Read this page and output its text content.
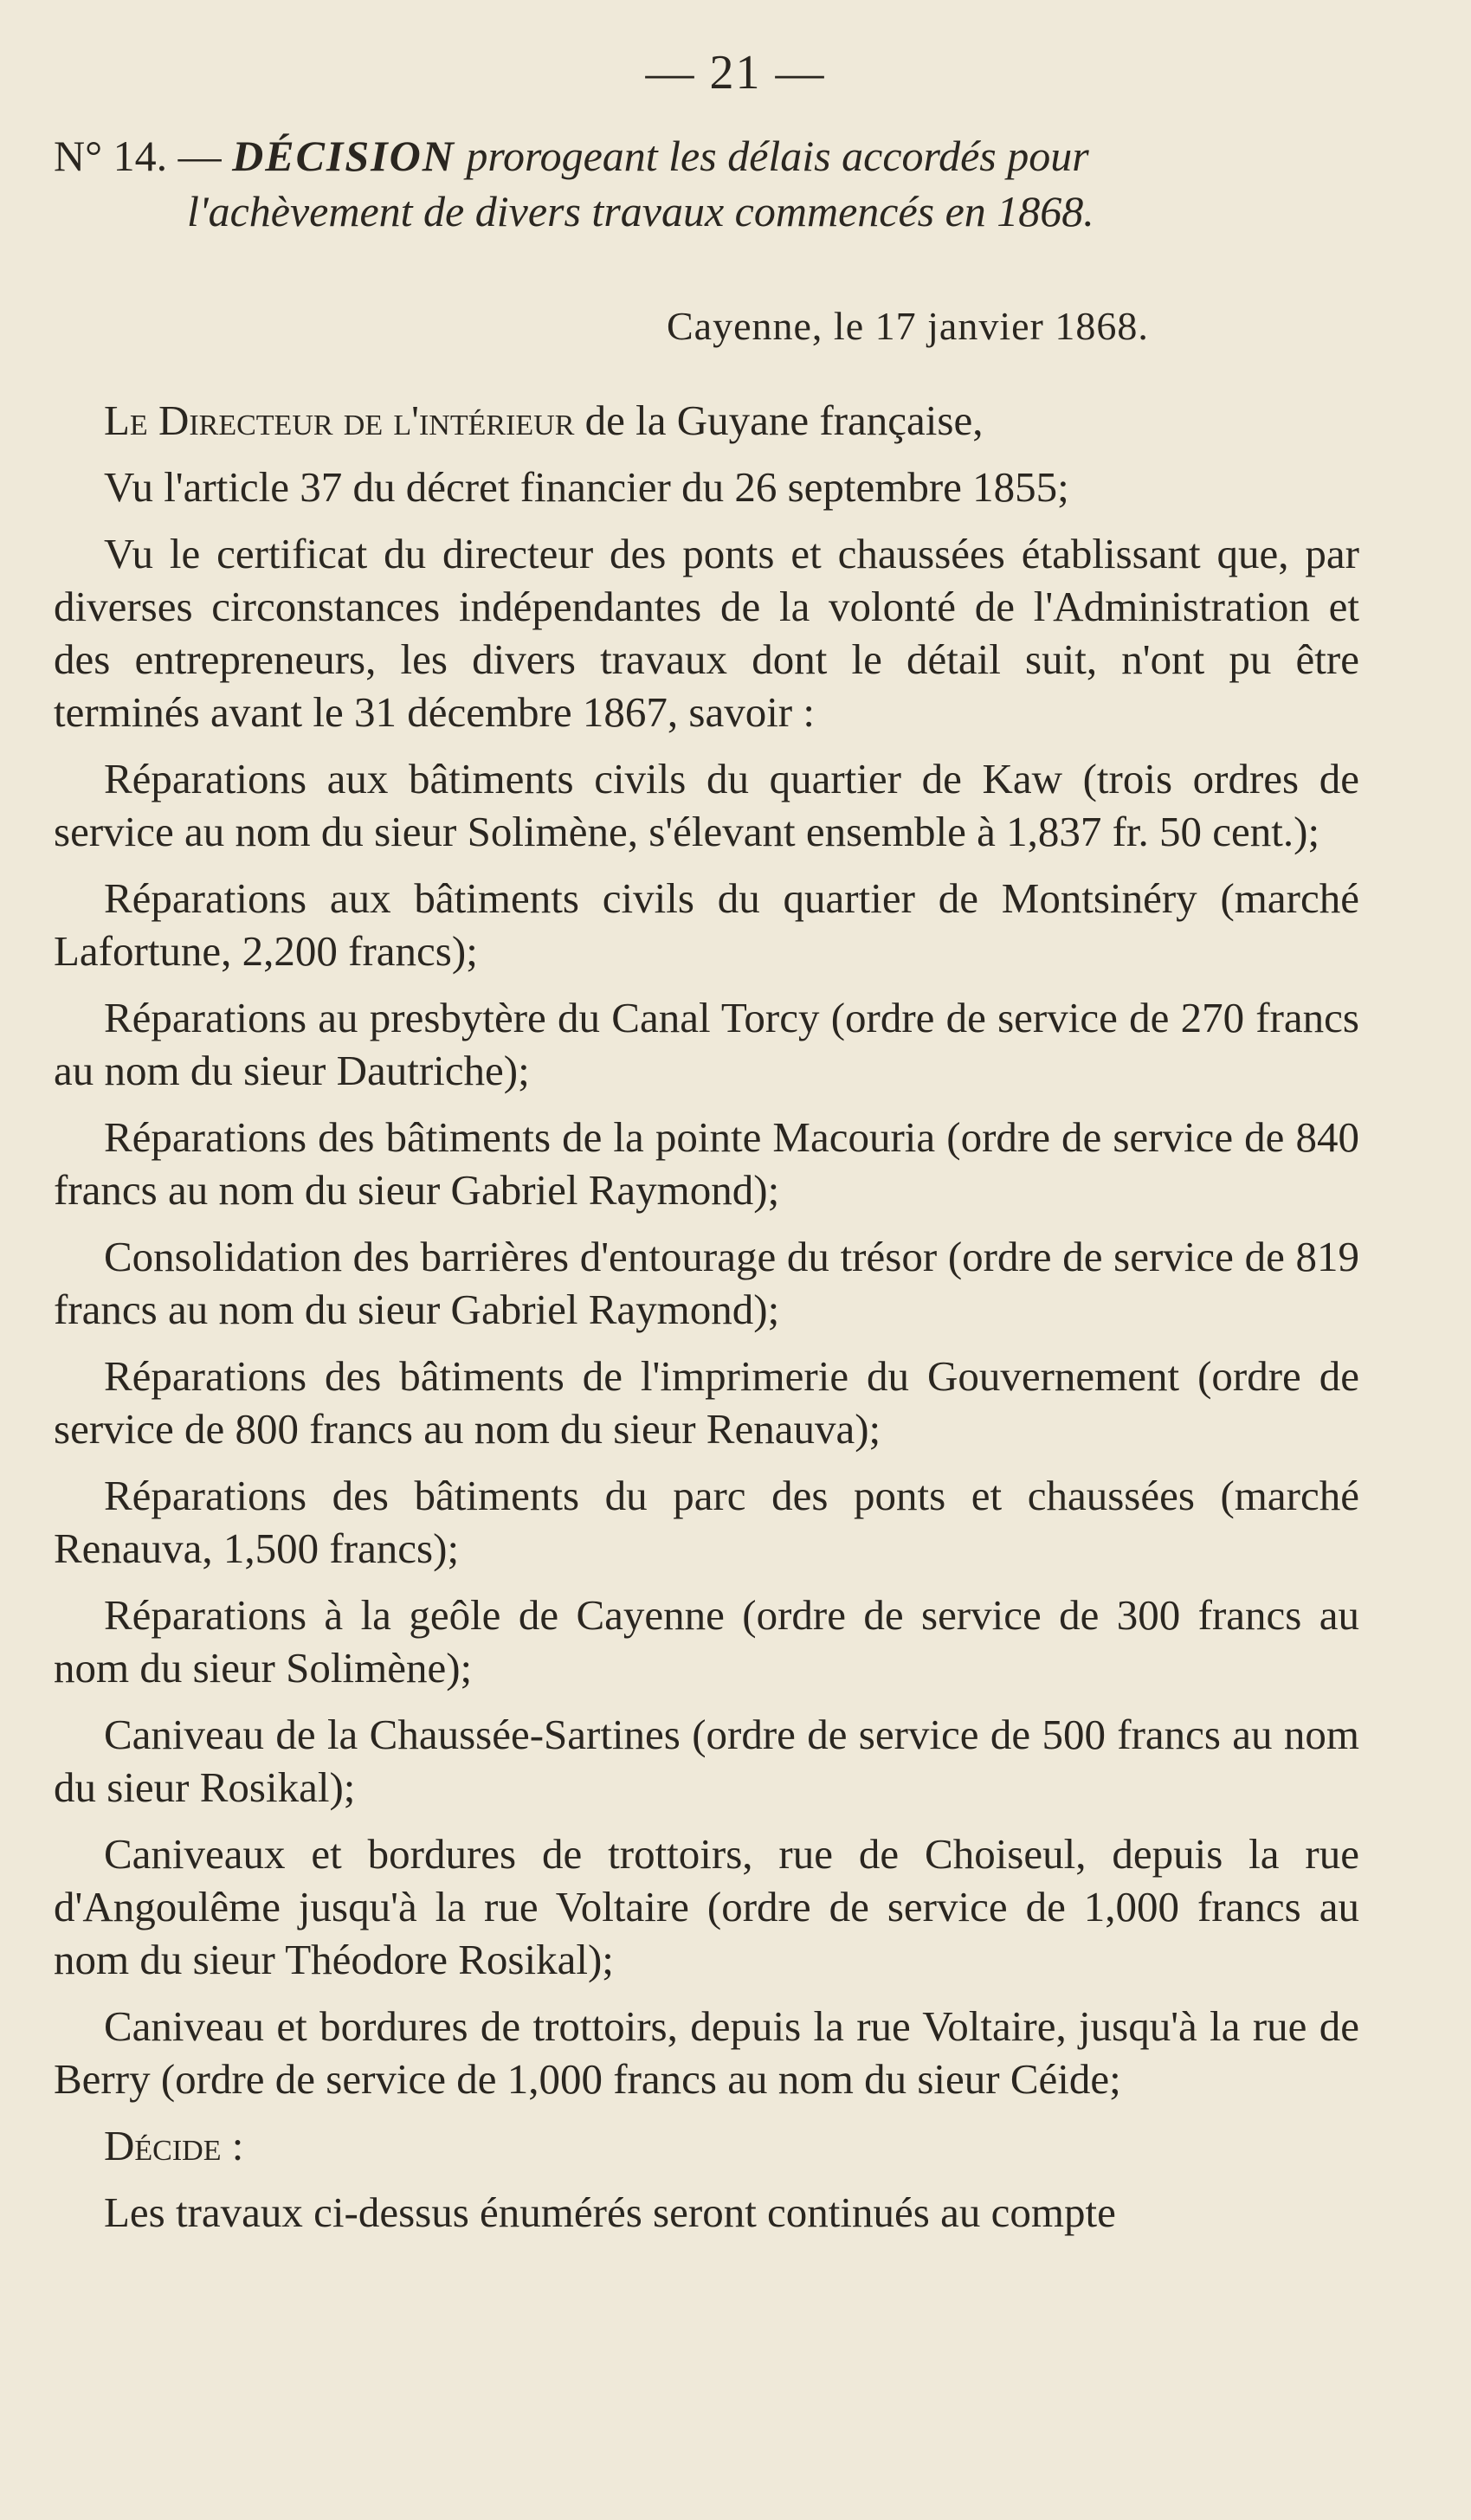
— 21 —
N° 14. — DÉCISION prorogeant les délais accordés pour
l'achèvement de divers travaux commencés en 1868.
Cayenne, le 17 janvier 1868.

Le Directeur de l'intérieur de la Guyane française,

Vu l'article 37 du décret financier du 26 septembre 1855;

Vu le certificat du directeur des ponts et chaussées établissant que, par diverses circonstances indépendantes de la volonté de l'Administration et des entrepreneurs, les divers travaux dont le détail suit, n'ont pu être terminés avant le 31 décembre 1867, savoir :

Réparations aux bâtiments civils du quartier de Kaw (trois ordres de service au nom du sieur Solimène, s'élevant ensemble à 1,837 fr. 50 cent.);

Réparations aux bâtiments civils du quartier de Montsinéry (marché Lafortune, 2,200 francs);

Réparations au presbytère du Canal Torcy (ordre de service de 270 francs au nom du sieur Dautriche);

Réparations des bâtiments de la pointe Macouria (ordre de service de 840 francs au nom du sieur Gabriel Raymond);

Consolidation des barrières d'entourage du trésor (ordre de service de 819 francs au nom du sieur Gabriel Raymond);

Réparations des bâtiments de l'imprimerie du Gouvernement (ordre de service de 800 francs au nom du sieur Renauva);

Réparations des bâtiments du parc des ponts et chaussées (marché Renauva, 1,500 francs);

Réparations à la geôle de Cayenne (ordre de service de 300 francs au nom du sieur Solimène);

Caniveau de la Chaussée-Sartines (ordre de service de 500 francs au nom du sieur Rosikal);

Caniveaux et bordures de trottoirs, rue de Choiseul, depuis la rue d'Angoulême jusqu'à la rue Voltaire (ordre de service de 1,000 francs au nom du sieur Théodore Rosikal);

Caniveau et bordures de trottoirs, depuis la rue Voltaire, jusqu'à la rue de Berry (ordre de service de 1,000 francs au nom du sieur Céide;

Décide :

Les travaux ci-dessus énumérés seront continués au compte
